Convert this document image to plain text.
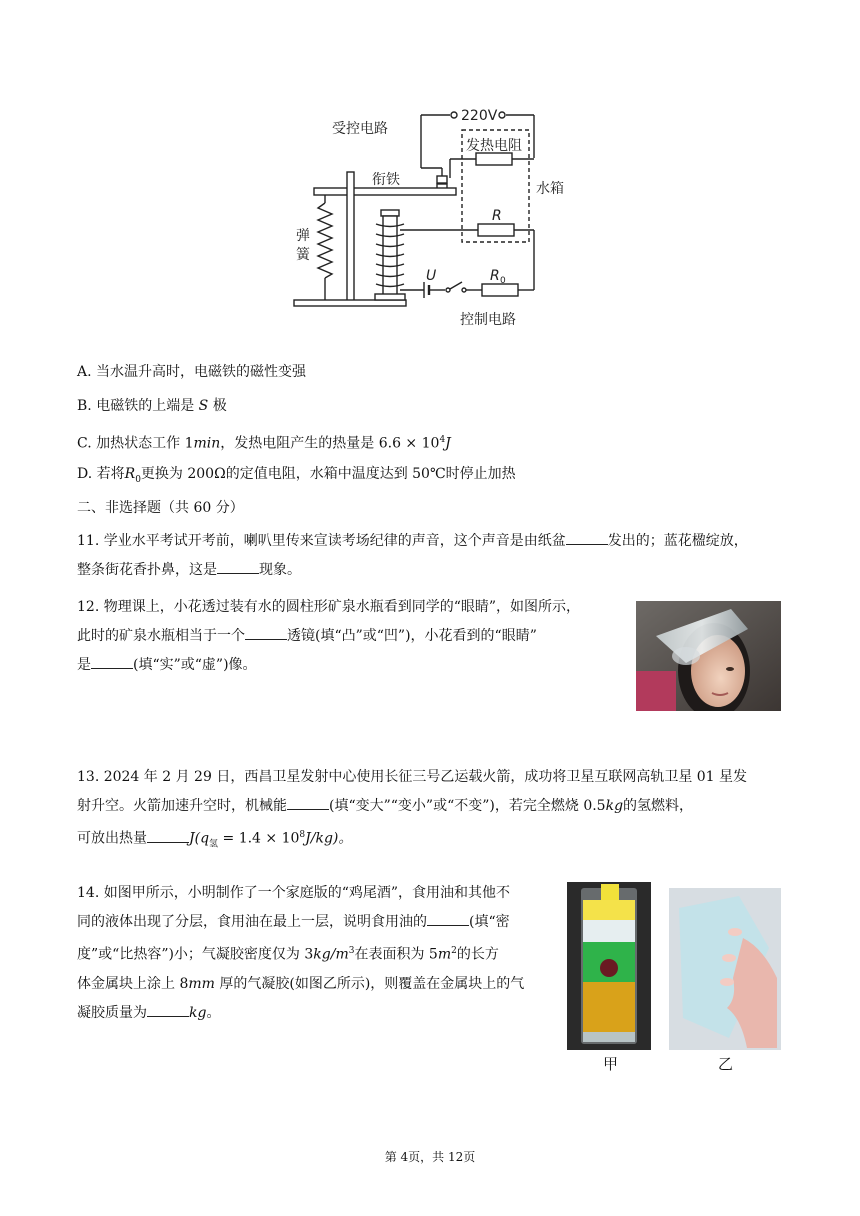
220V
受控电路
发热电阻
衔铁
水箱
R
弹
簧
U	R 0
控制电路
A. 当水温升高时，电磁铁的磁性变强
B. 电磁铁的上端是 S 极
C. 加热状态工作 1min，发热电阻产生的热量是 $6.6 \times 10^4J$
D. 若将$R_0$更换为 200Ω的定值电阻，水箱中温度达到 50℃时停止加热
二、非选择题（共 60 分）
11. 学业水平考试开考前，喇叭里传来宣读考场纪律的声音，这个声音是由纸盆	发出的；蓝花楹绽放，
整条街花香扑鼻，这是	现象。
12. 物理课上，小花透过装有水的圆柱形矿泉水瓶看到同学的“眼睛”，如图所示，
此时的矿泉水瓶相当于一个	透镜(填“凸”或“凹”)，小花看到的“眼睛”
是	(填“实”或“虚”)像。
13. 2024 年 2 月 29 日，西昌卫星发射中心使用长征三号乙运载火箭，成功将卫星互联网高轨卫星 01 星发
射升空。火箭加速升空时，机械能	(填“变大”“变小”或“不变”)，若完全燃烧 0.5kg的氢燃料，
可放出热量	$J(q_氢 = 1.4 \times 10^8J/kg)$。
14. 如图甲所示，小明制作了一个家庭版的“鸡尾酒”，食用油和其他不
同的液体出现了分层，食用油在最上一层，说明食用油的	(填“密
度”或“比热容”)小；气凝胶密度仅为 $3kg/m^3$在表面积为 $5m^2$的长方
体金属块上涂上 8mm 厚的气凝胶(如图乙所示)，则覆盖在金属块上的气
凝胶质量为	kg。
甲	乙
第 4页，共 12页
